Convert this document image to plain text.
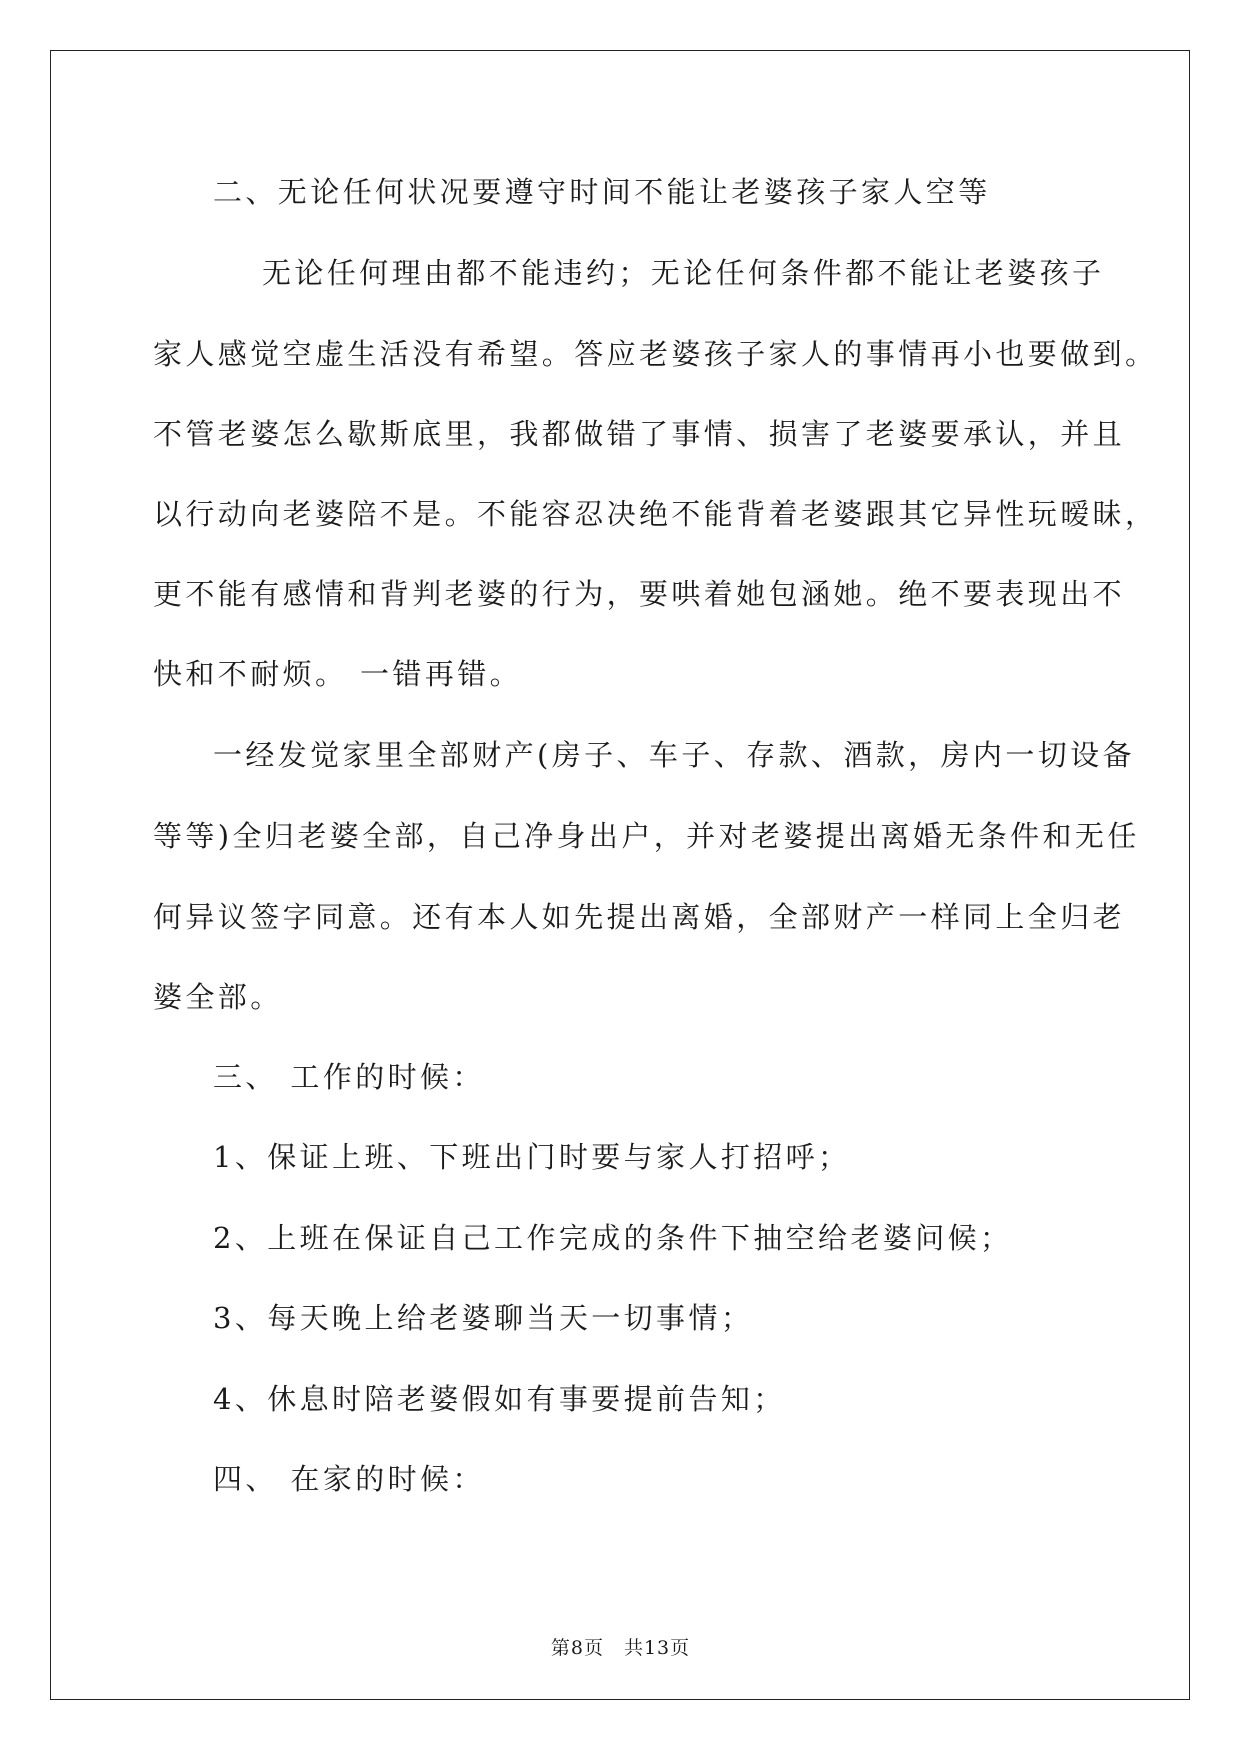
二、无论任何状况要遵守时间不能让老婆孩子家人空等
无论任何理由都不能违约；无论任何条件都不能让老婆孩子
家人感觉空虚生活没有希望。答应老婆孩子家人的事情再小也要做到。
不管老婆怎么歇斯底里，我都做错了事情、损害了老婆要承认，并且
以行动向老婆陪不是。不能容忍决绝不能背着老婆跟其它异性玩暧昧，
更不能有感情和背判老婆的行为，要哄着她包涵她。绝不要表现出不
快和不耐烦。 一错再错。
一经发觉家里全部财产(房子、车子、存款、酒款，房内一切设备
等等)全归老婆全部，自己净身出户，并对老婆提出离婚无条件和无任
何异议签字同意。还有本人如先提出离婚，全部财产一样同上全归老
婆全部。
三、 工作的时候：
1、保证上班、下班出门时要与家人打招呼；
2、上班在保证自己工作完成的条件下抽空给老婆问候；
3、每天晚上给老婆聊当天一切事情；
4、休息时陪老婆假如有事要提前告知；
四、 在家的时候：
第8页　共13页
